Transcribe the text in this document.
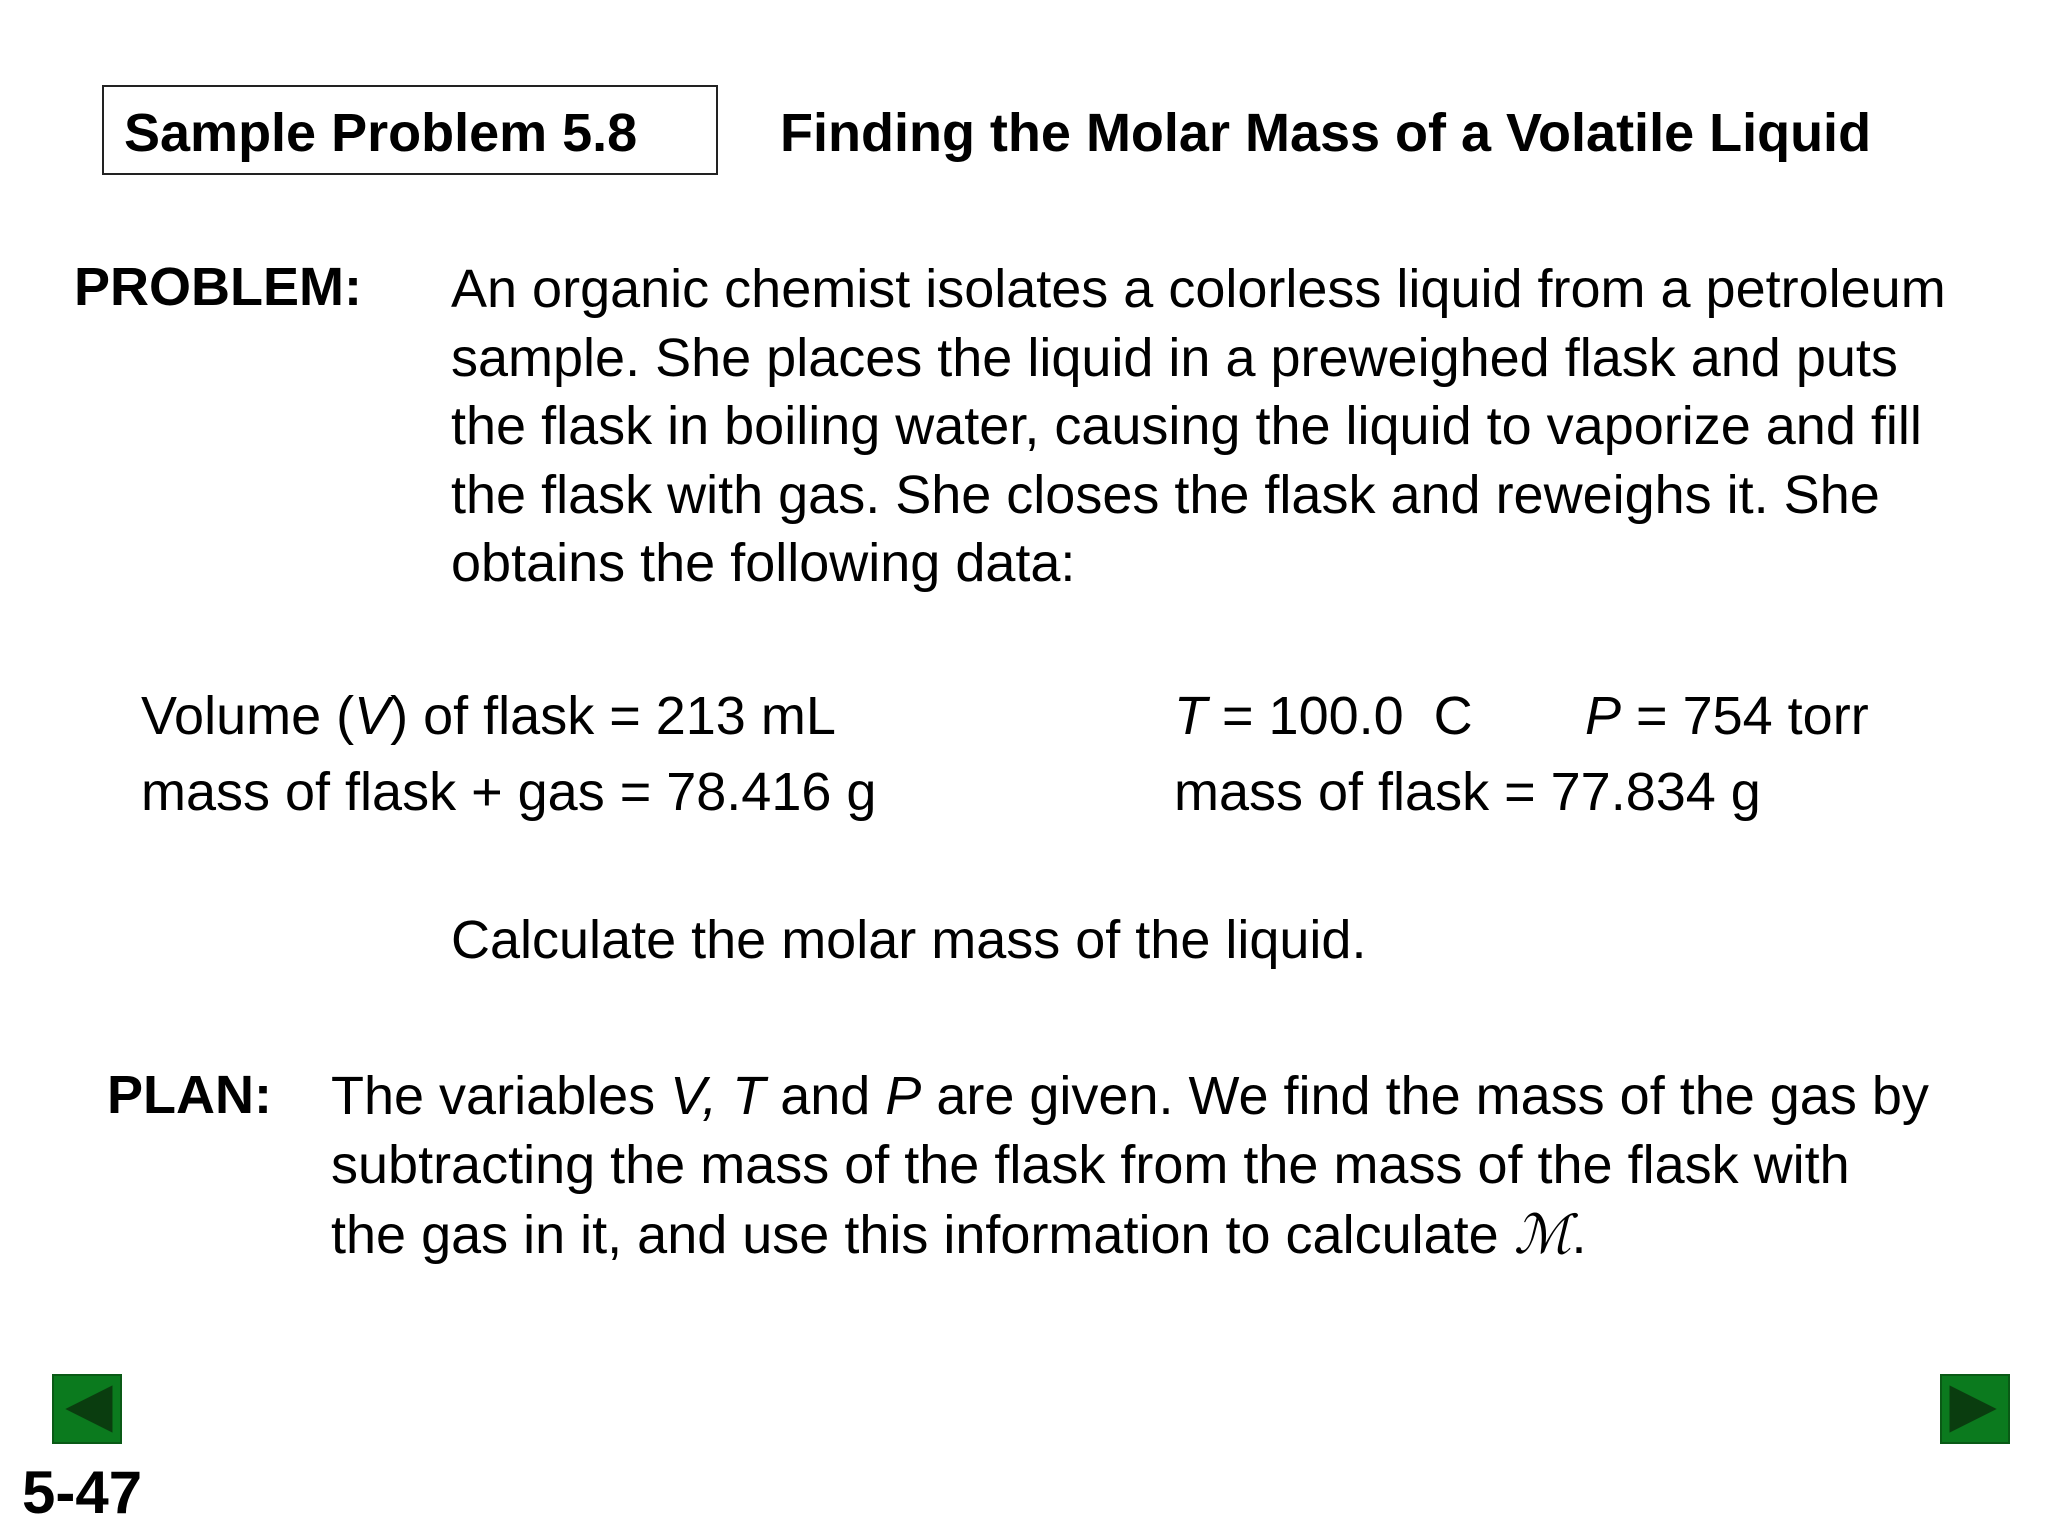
Sample Problem 5.8	Finding the Molar Mass of a Volatile Liquid
PROBLEM: An organic chemist isolates a colorless liquid from a petroleum sample. She places the liquid in a preweighed flask and puts the flask in boiling water, causing the liquid to vaporize and fill the flask with gas. She closes the flask and reweighs it. She obtains the following data:
Volume (V) of flask = 213 mL	T = 100.0  C P = 754 torr
mass of flask + gas = 78.416 g	mass of flask = 77.834 g
Calculate the molar mass of the liquid.
PLAN: The variables V, T and P are given. We find the mass of the gas by subtracting the mass of the flask from the mass of the flask with the gas in it, and use this information to calculate ℳ.
5-47
